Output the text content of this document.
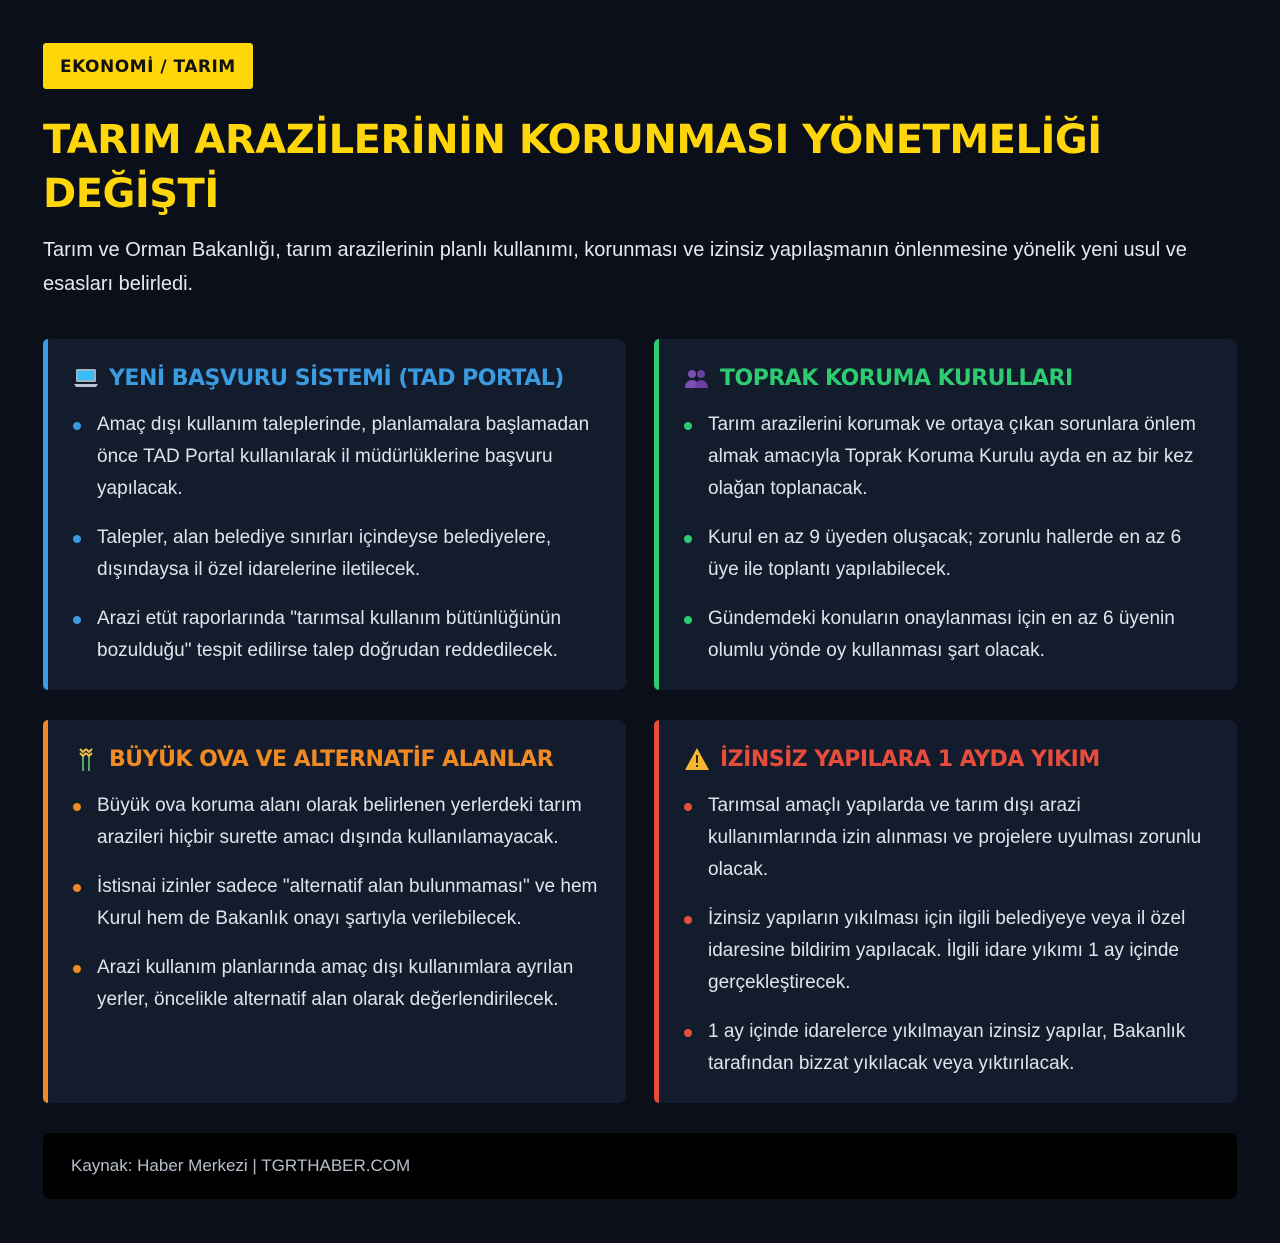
EKONOMİ / TARIM
TARIM ARAZİLERİNİN KORUNMASI YÖNETMELİĞİ DEĞİŞTİ

Tarım ve Orman Bakanlığı, tarım arazilerinin planlı kullanımı, korunması ve izinsiz yapılaşmanın önlenmesine yönelik yeni usul ve esasları belirledi.

YENİ BAŞVURU SİSTEMİ (TAD PORTAL)
Amaç dışı kullanım taleplerinde, planlamalara başlamadan önce TAD Portal kullanılarak il müdürlüklerine başvuru yapılacak.
Talepler, alan belediye sınırları içindeyse belediyelere, dışındaysa il özel idarelerine iletilecek.
Arazi etüt raporlarında "tarımsal kullanım bütünlüğünün bozulduğu" tespit edilirse talep doğrudan reddedilecek.
TOPRAK KORUMA KURULLARI
Tarım arazilerini korumak ve ortaya çıkan sorunlara önlem almak amacıyla Toprak Koruma Kurulu ayda en az bir kez olağan toplanacak.
Kurul en az 9 üyeden oluşacak; zorunlu hallerde en az 6 üye ile toplantı yapılabilecek.
Gündemdeki konuların onaylanması için en az 6 üyenin olumlu yönde oy kullanması şart olacak.
BÜYÜK OVA VE ALTERNATİF ALANLAR
Büyük ova koruma alanı olarak belirlenen yerlerdeki tarım arazileri hiçbir surette amacı dışında kullanılamayacak.
İstisnai izinler sadece "alternatif alan bulunmaması" ve hem Kurul hem de Bakanlık onayı şartıyla verilebilecek.
Arazi kullanım planlarında amaç dışı kullanımlara ayrılan yerler, öncelikle alternatif alan olarak değerlendirilecek.
İZİNSİZ YAPILARA 1 AYDA YIKIM
Tarımsal amaçlı yapılarda ve tarım dışı arazi kullanımlarında izin alınması ve projelere uyulması zorunlu olacak.
İzinsiz yapıların yıkılması için ilgili belediyeye veya il özel idaresine bildirim yapılacak. İlgili idare yıkımı 1 ay içinde gerçekleştirecek.
1 ay içinde idarelerce yıkılmayan izinsiz yapılar, Bakanlık tarafından bizzat yıkılacak veya yıktırılacak.
Kaynak: Haber Merkezi | TGRTHABER.COM
